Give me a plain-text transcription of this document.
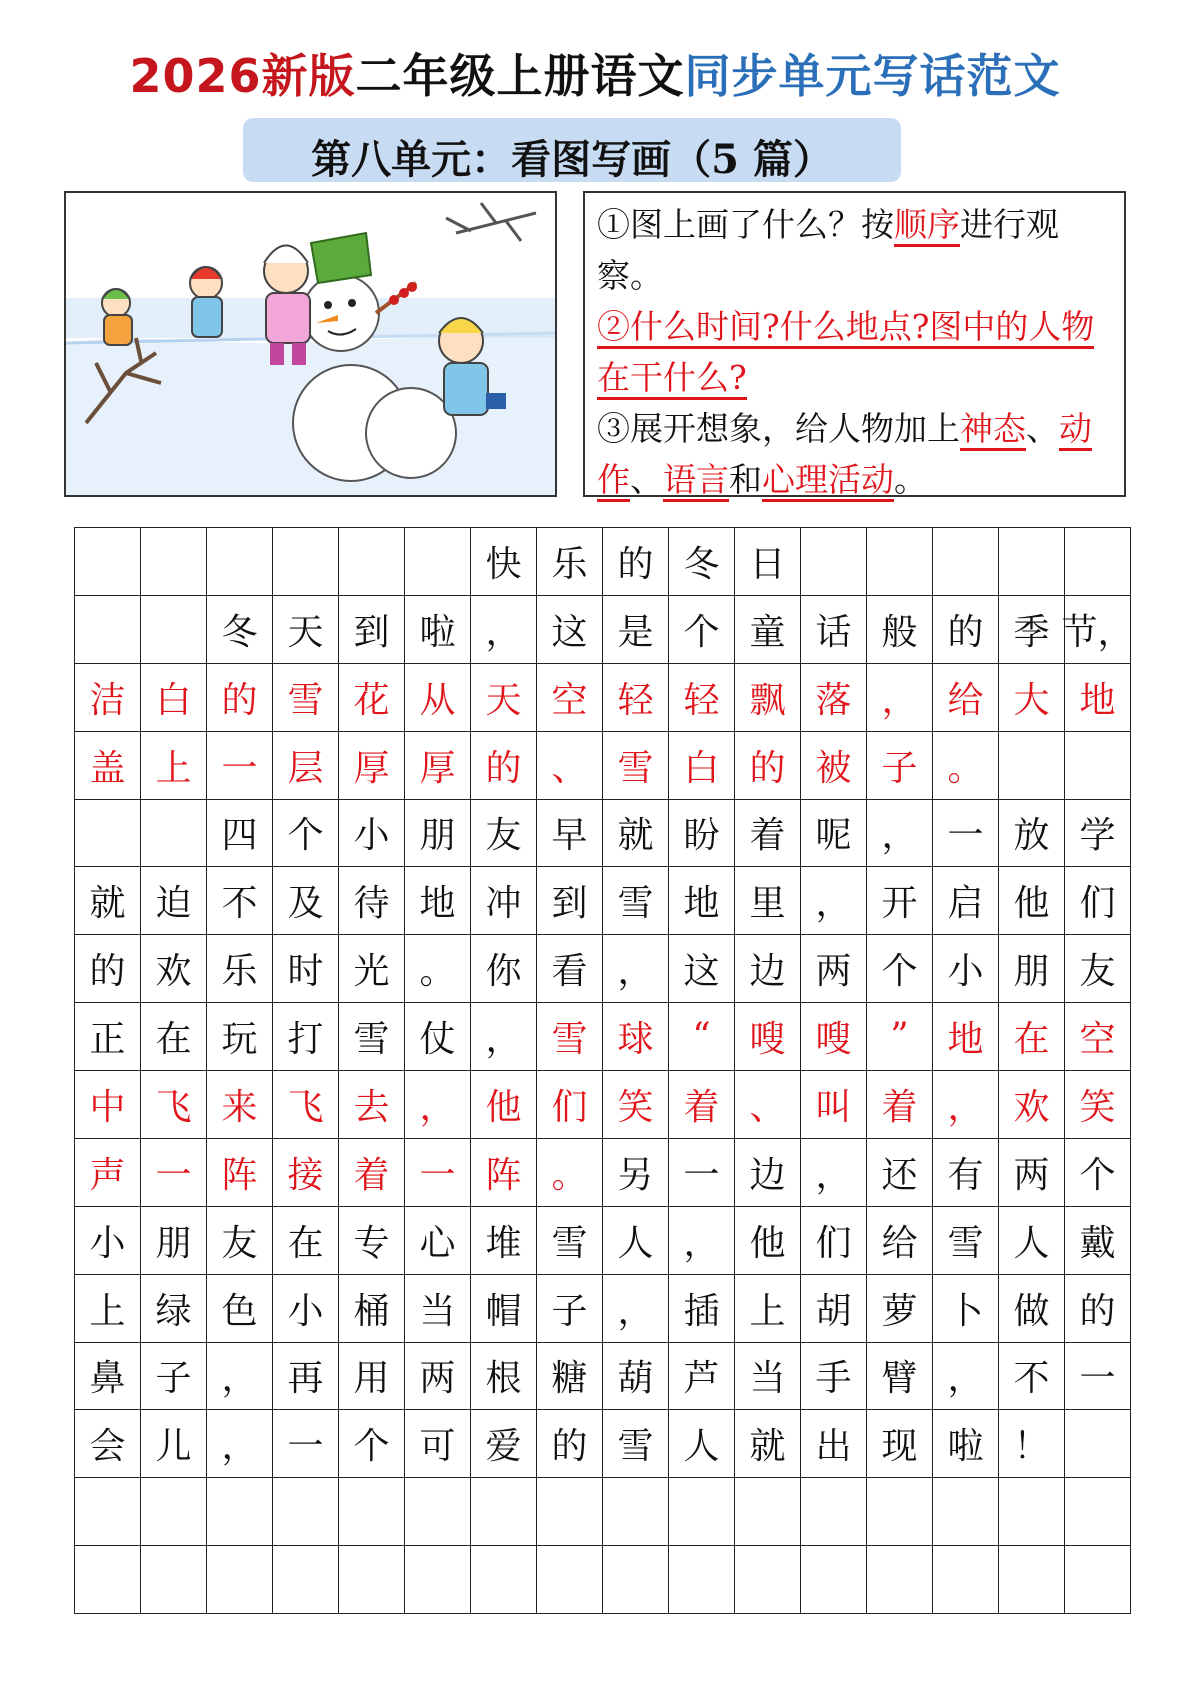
2026新版二年级上册语文同步单元写话范文
第八单元：看图写画（5 篇）
①图上画了什么？按顺序进行观察。
②什么时间?什么地点?图中的人物在干什么?
③展开想象，给人物加上神态、动作、语言和心理活动。
快 乐 的 冬 日
冬 天 到 啦 ， 这 是 个 童 话 般 的 季 节，
洁 白 的 雪 花 从 天 空 轻 轻 飘 落 ， 给 大 地
盖 上 一 层 厚 厚 的 、 雪 白 的 被 子 。
四 个 小 朋 友 早 就 盼 着 呢 ， 一 放 学
就 迫 不 及 待 地 冲 到 雪 地 里 ， 开 启 他 们
的 欢 乐 时 光 。 你 看 ， 这 边 两 个 小 朋 友
正 在 玩 打 雪 仗 ， 雪 球	“	嗖 嗖	”	地 在 空
中 飞 来 飞 去 ， 他 们 笑 着 、 叫 着 ， 欢 笑
声 一 阵 接 着 一 阵 。 另 一 边 ， 还 有 两 个
小 朋 友 在 专 心 堆 雪 人 ， 他 们 给 雪 人 戴
上 绿 色 小 桶 当 帽 子 ， 插 上 胡 萝 卜 做 的
鼻 子 ， 再 用 两 根 糖 葫 芦 当 手 臂 ， 不 一
会 儿 ， 一 个 可 爱 的 雪 人 就 出 现 啦 ！
